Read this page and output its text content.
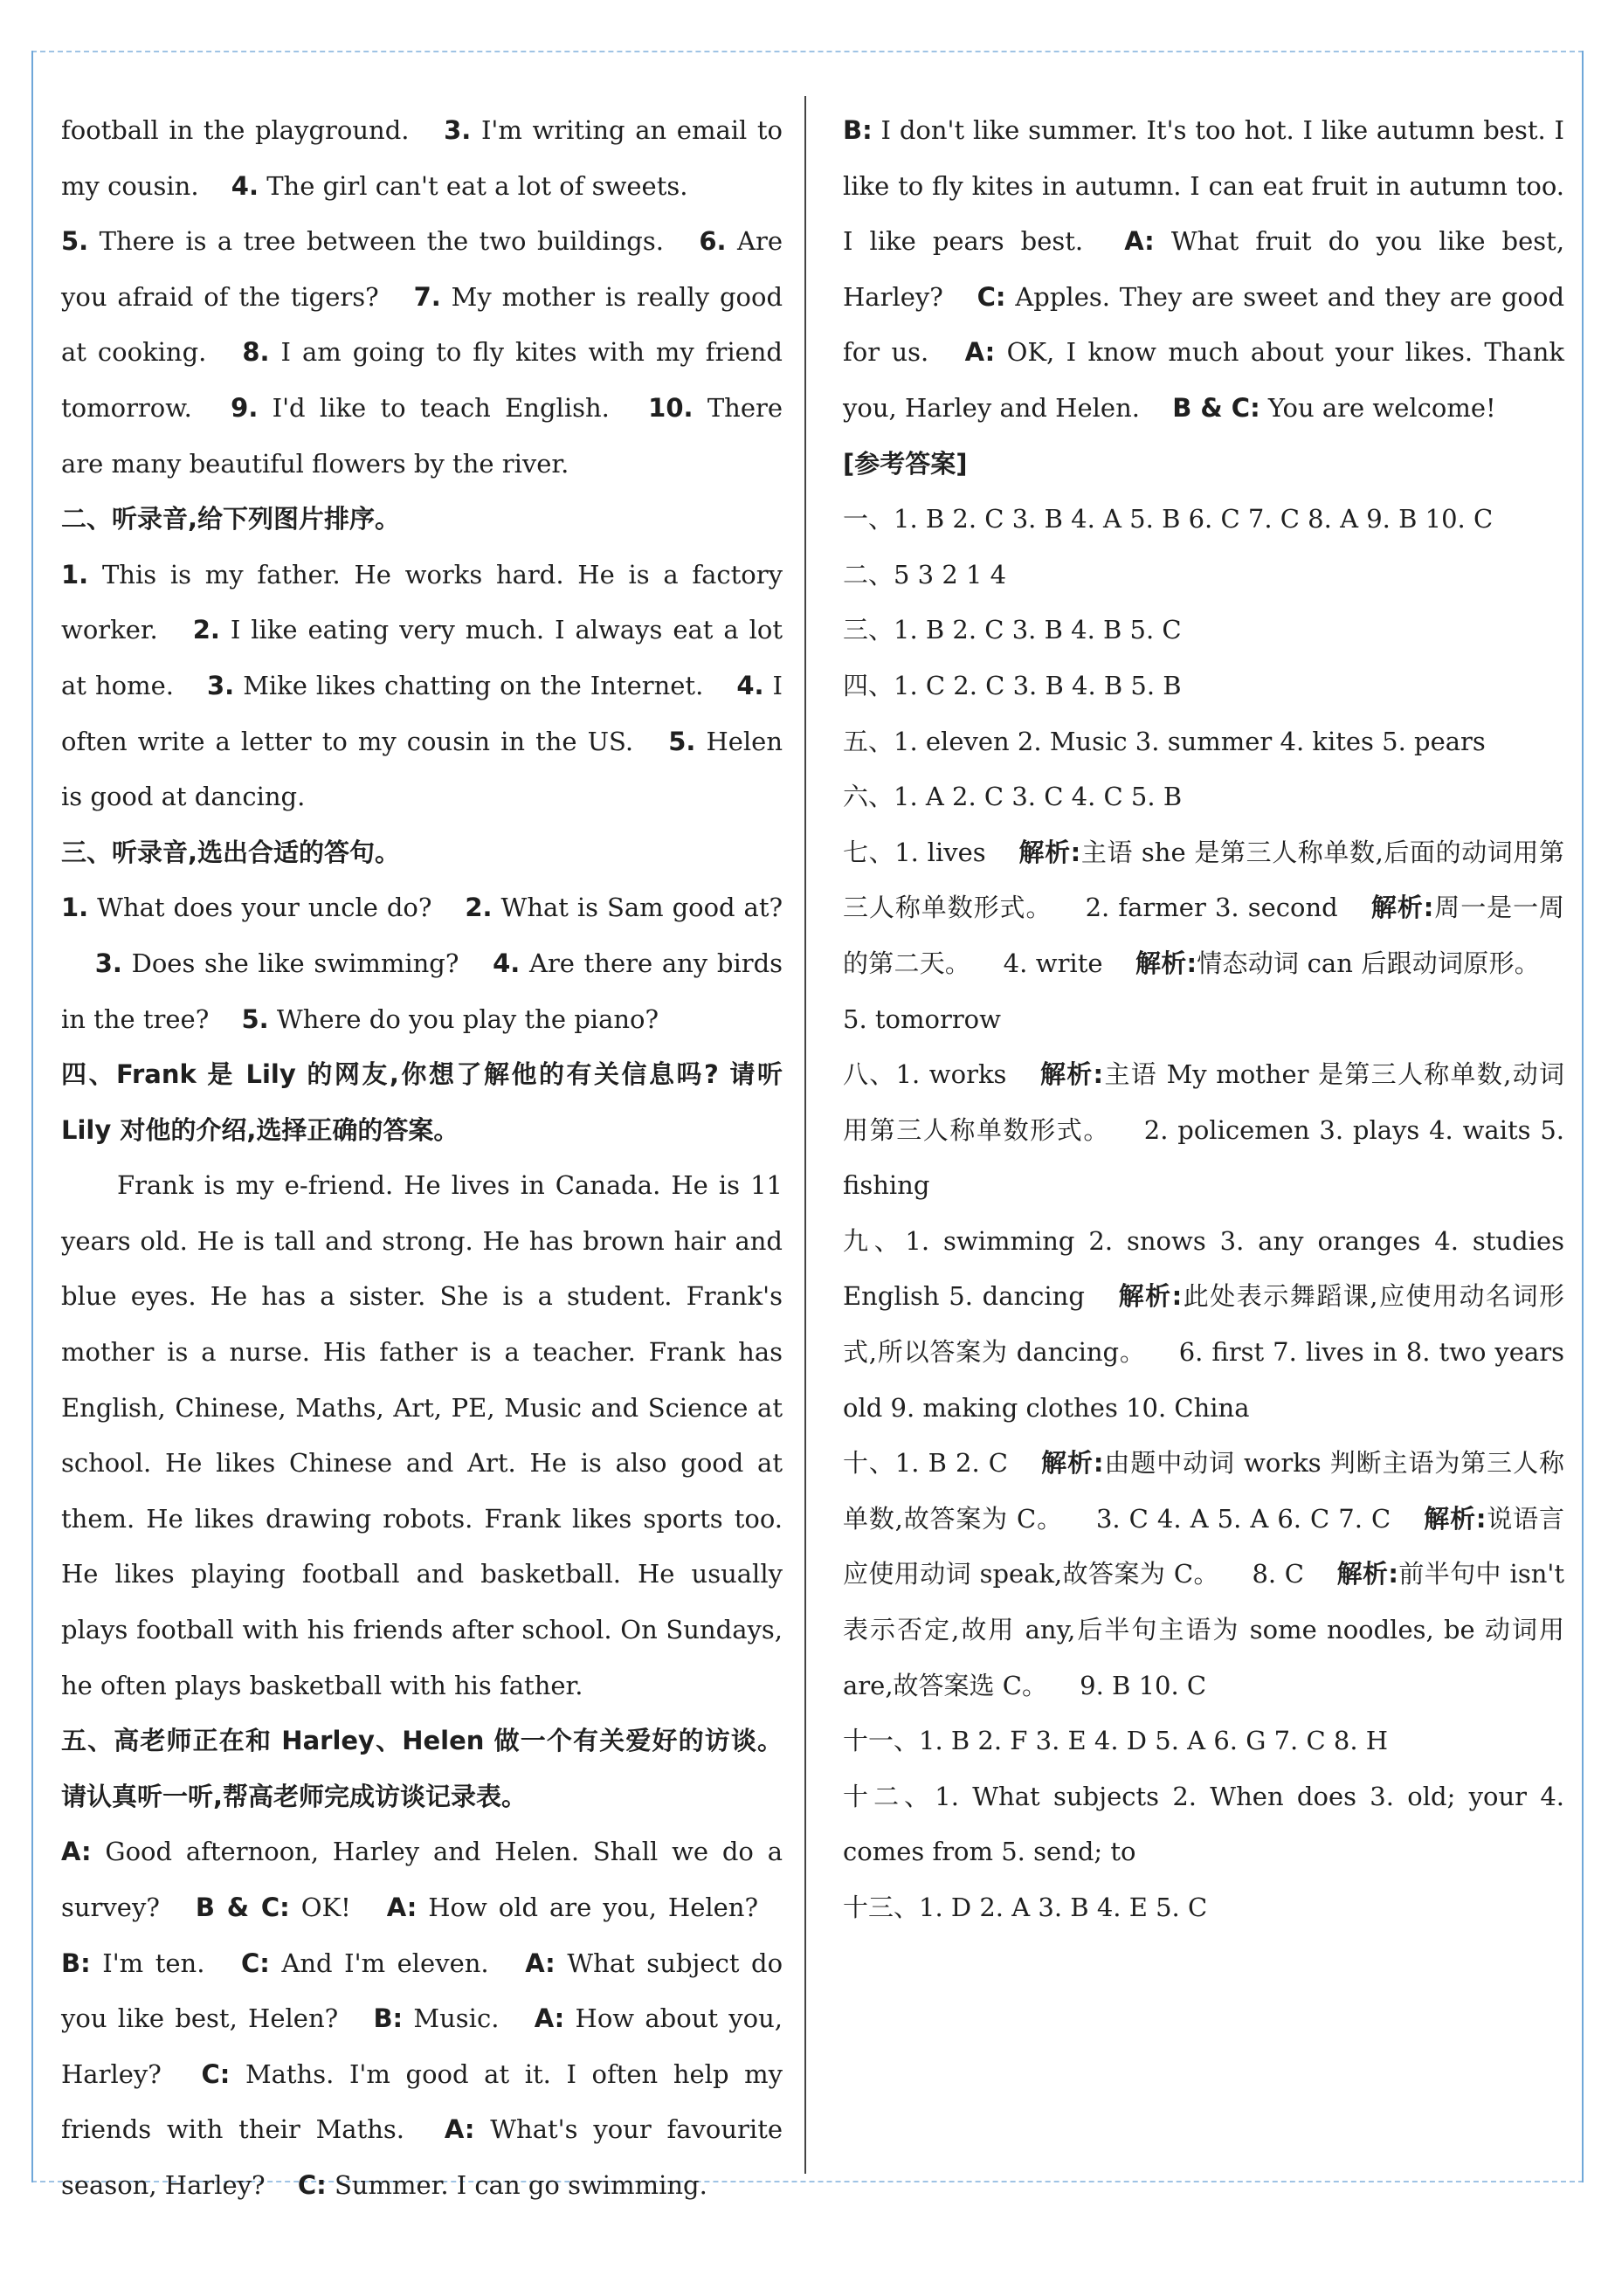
football in the playground. 3. I'm writing an email to my cousin. 4. The girl can't eat a lot of sweets.

5. There is a tree between the two buildings. 6. Are you afraid of the tigers? 7. My mother is really good at cooking. 8. I am going to fly kites with my friend tomorrow. 9. I'd like to teach English. 10. There are many beautiful flowers by the river.

二、听录音,给下列图片排序。

1. This is my father. He works hard. He is a factory worker. 2. I like eating very much. I always eat a lot at home. 3. Mike likes chatting on the Internet. 4. I often write a letter to my cousin in the US. 5. Helen is good at dancing.

三、听录音,选出合适的答句。

1. What does your uncle do? 2. What is Sam good at? 3. Does she like swimming? 4. Are there any birds in the tree? 5. Where do you play the piano?

四、Frank 是 Lily 的网友,你想了解他的有关信息吗? 请听 Lily 对他的介绍,选择正确的答案。

Frank is my e-friend. He lives in Canada. He is 11 years old. He is tall and strong. He has brown hair and blue eyes. He has a sister. She is a student. Frank's mother is a nurse. His father is a teacher. Frank has English, Chinese, Maths, Art, PE, Music and Science at school. He likes Chinese and Art. He is also good at them. He likes drawing robots. Frank likes sports too. He likes playing football and basketball. He usually plays football with his friends after school. On Sundays, he often plays basketball with his father.

五、高老师正在和 Harley、Helen 做一个有关爱好的访谈。请认真听一听,帮高老师完成访谈记录表。

A: Good afternoon, Harley and Helen. Shall we do a survey? B & C: OK! A: How old are you, Helen? B: I'm ten. C: And I'm eleven. A: What subject do you like best, Helen? B: Music. A: How about you, Harley? C: Maths. I'm good at it. I often help my friends with their Maths. A: What's your favourite season, Harley? C: Summer. I can go swimming.

B: I don't like summer. It's too hot. I like autumn best. I like to fly kites in autumn. I can eat fruit in autumn too. I like pears best. A: What fruit do you like best, Harley? C: Apples. They are sweet and they are good for us. A: OK, I know much about your likes. Thank you, Harley and Helen. B & C: You are welcome!

[参考答案]

一、1. B 2. C 3. B 4. A 5. B 6. C 7. C 8. A 9. B 10. C

二、5 3 2 1 4

三、1. B 2. C 3. B 4. B 5. C

四、1. C 2. C 3. B 4. B 5. B

五、1. eleven 2. Music 3. summer 4. kites 5. pears

六、1. A 2. C 3. C 4. C 5. B

七、1. lives 解析:主语 she 是第三人称单数,后面的动词用第三人称单数形式。 2. farmer 3. second 解析:周一是一周的第二天。 4. write 解析:情态动词 can 后跟动词原形。 5. tomorrow

八、1. works 解析:主语 My mother 是第三人称单数,动词用第三人称单数形式。 2. policemen 3. plays 4. waits 5. fishing

九、1. swimming 2. snows 3. any oranges 4. studies English 5. dancing 解析:此处表示舞蹈课,应使用动名词形式,所以答案为 dancing。 6. first 7. lives in 8. two years old 9. making clothes 10. China

十、1. B 2. C 解析:由题中动词 works 判断主语为第三人称单数,故答案为 C。 3. C 4. A 5. A 6. C 7. C 解析:说语言应使用动词 speak,故答案为 C。 8. C 解析:前半句中 isn't 表示否定,故用 any,后半句主语为 some noodles, be 动词用 are,故答案选 C。 9. B 10. C

十一、1. B 2. F 3. E 4. D 5. A 6. G 7. C 8. H

十二、1. What subjects 2. When does 3. old; your 4. comes from 5. send; to

十三、1. D 2. A 3. B 4. E 5. C
